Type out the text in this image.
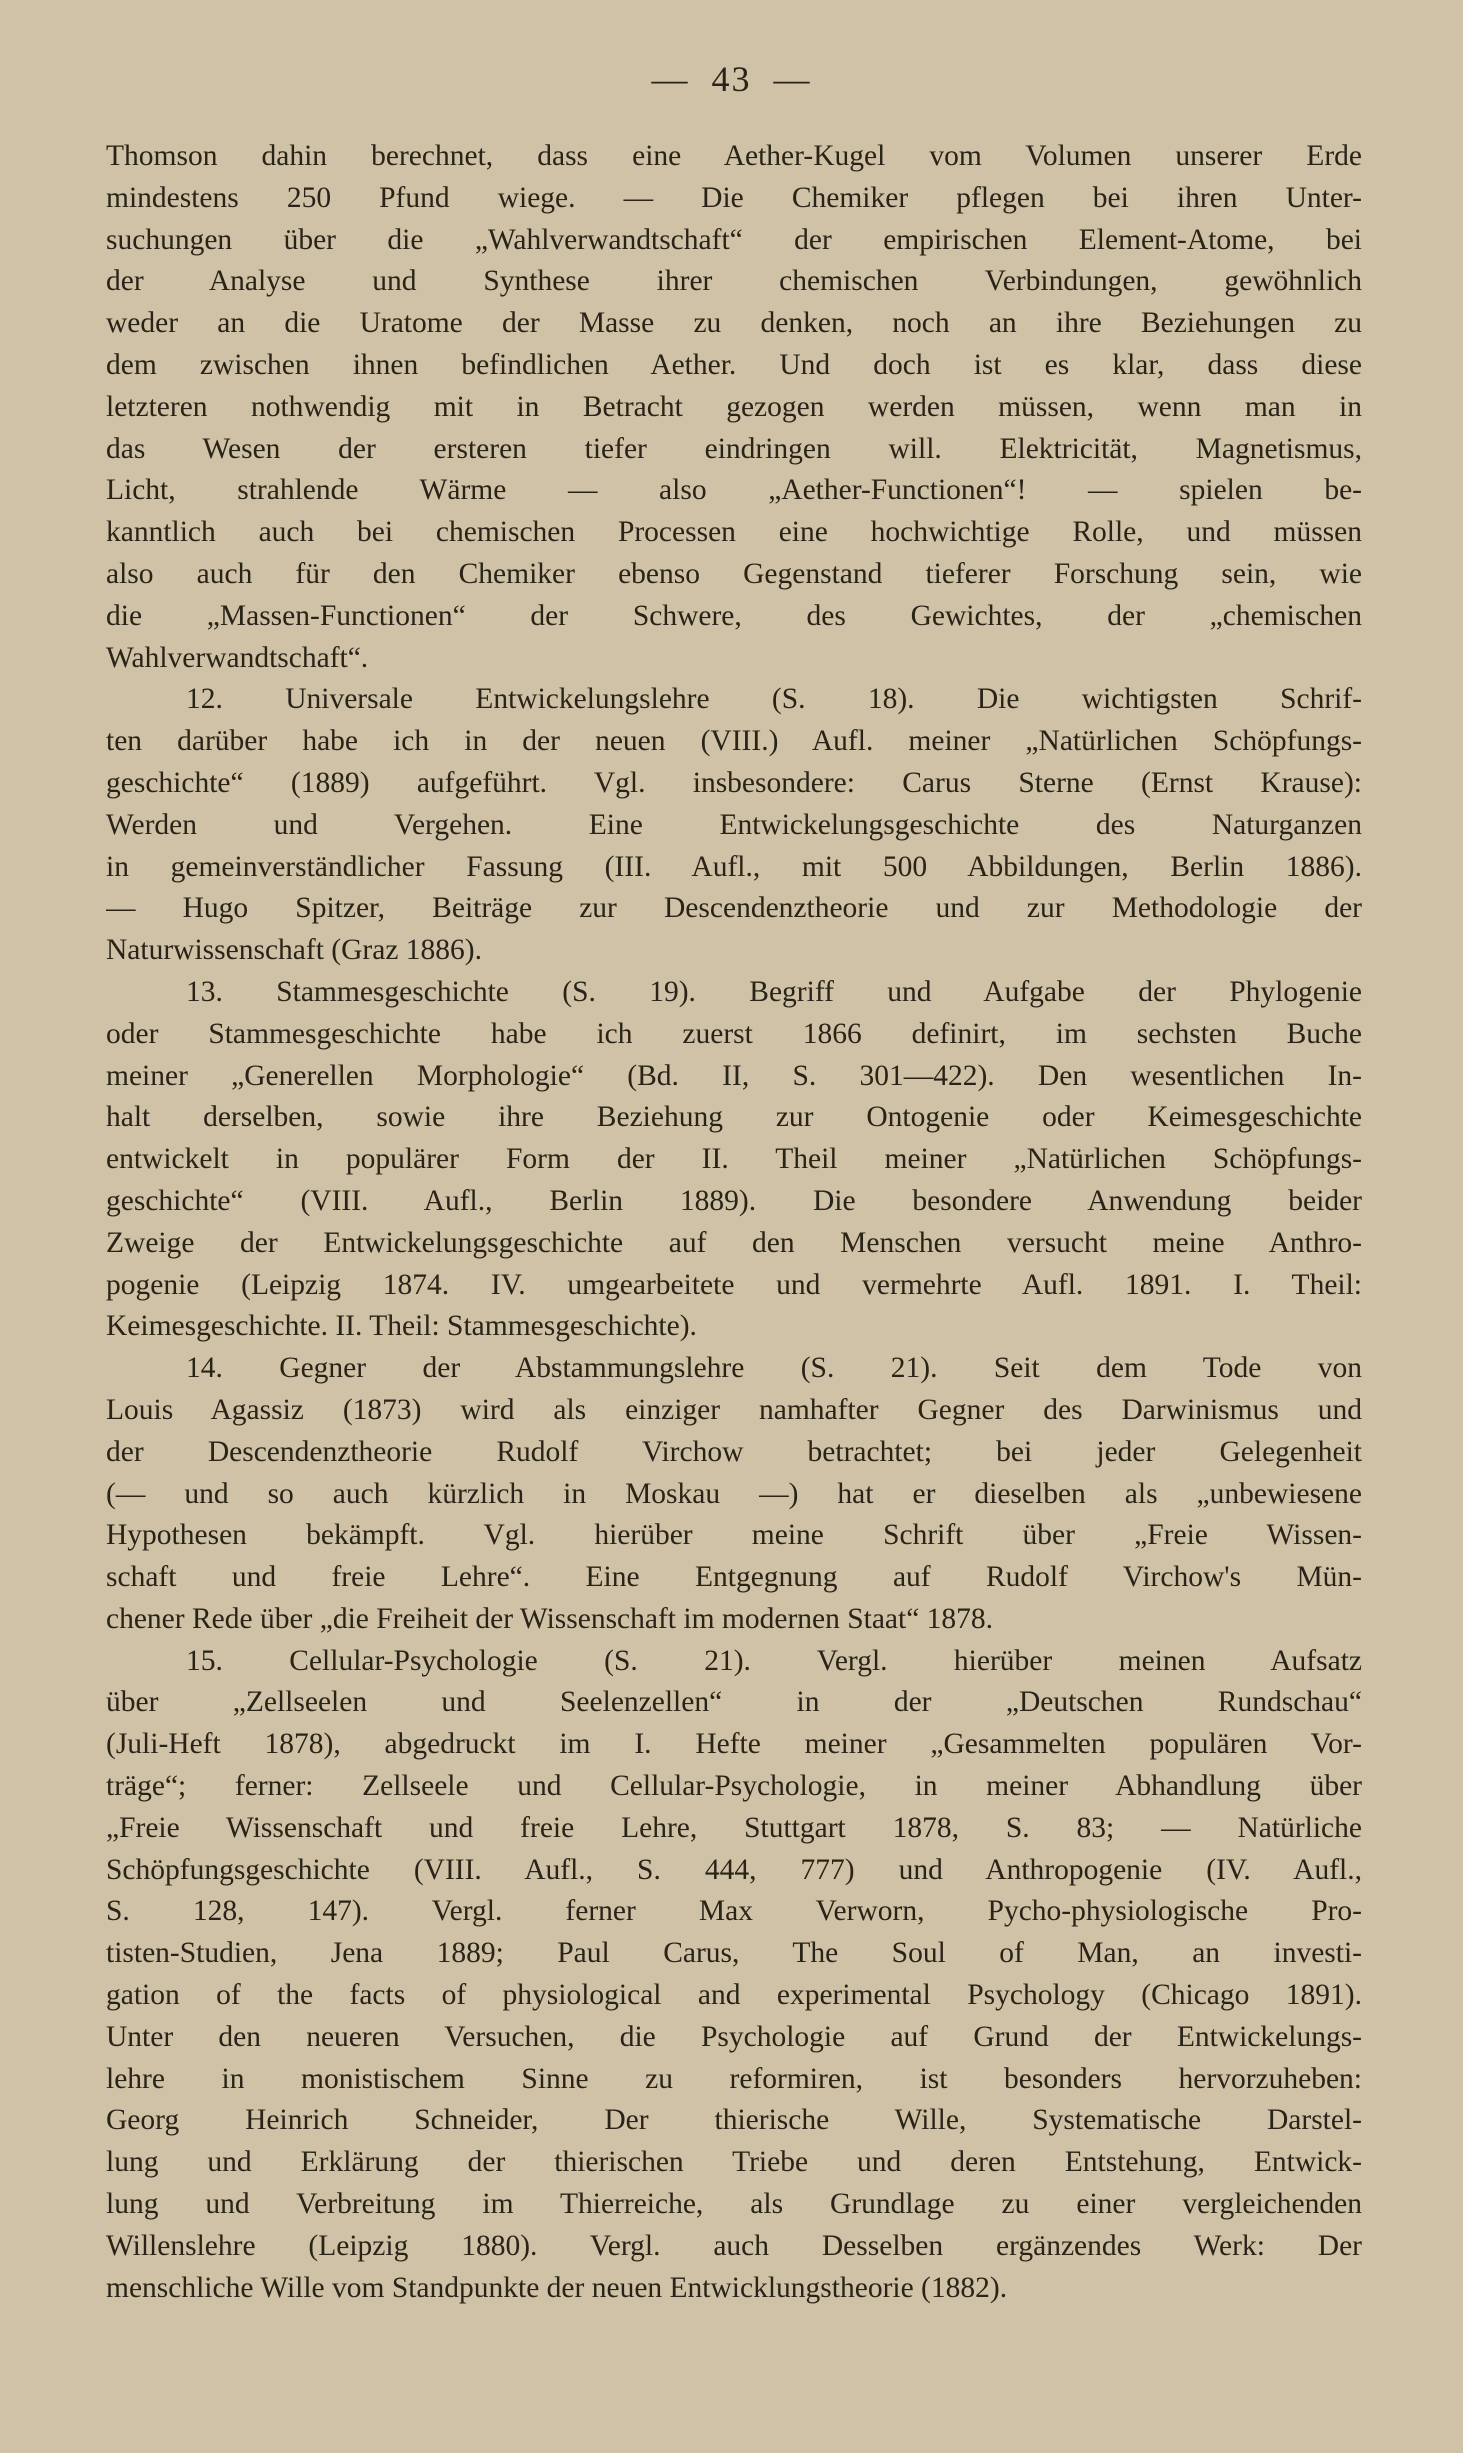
— 43 —
Thomson dahin berechnet, dass eine Aether-Kugel vom Volumen unserer Erde
mindestens 250 Pfund wiege. — Die Chemiker pflegen bei ihren Unter-
suchungen über die „Wahlverwandtschaft“ der empirischen Element-Atome, bei
der Analyse und Synthese ihrer chemischen Verbindungen, gewöhnlich
weder an die Uratome der Masse zu denken, noch an ihre Beziehungen zu
dem zwischen ihnen befindlichen Aether. Und doch ist es klar, dass diese
letzteren nothwendig mit in Betracht gezogen werden müssen, wenn man in
das Wesen der ersteren tiefer eindringen will. Elektricität, Magnetismus,
Licht, strahlende Wärme — also „Aether-Functionen“! — spielen be-
kanntlich auch bei chemischen Processen eine hochwichtige Rolle, und müssen
also auch für den Chemiker ebenso Gegenstand tieferer Forschung sein, wie
die „Massen-Functionen“ der Schwere, des Gewichtes, der „chemischen
Wahlverwandtschaft“.
12. Universale Entwickelungslehre (S. 18). Die wichtigsten Schrif-
ten darüber habe ich in der neuen (VIII.) Aufl. meiner „Natürlichen Schöpfungs-
geschichte“ (1889) aufgeführt. Vgl. insbesondere: Carus Sterne (Ernst Krause):
Werden und Vergehen. Eine Entwickelungsgeschichte des Naturganzen
in gemeinverständlicher Fassung (III. Aufl., mit 500 Abbildungen, Berlin 1886).
— Hugo Spitzer, Beiträge zur Descendenztheorie und zur Methodologie der
Naturwissenschaft (Graz 1886).
13. Stammesgeschichte (S. 19). Begriff und Aufgabe der Phylogenie
oder Stammesgeschichte habe ich zuerst 1866 definirt, im sechsten Buche
meiner „Generellen Morphologie“ (Bd. II, S. 301—422). Den wesentlichen In-
halt derselben, sowie ihre Beziehung zur Ontogenie oder Keimesgeschichte
entwickelt in populärer Form der II. Theil meiner „Natürlichen Schöpfungs-
geschichte“ (VIII. Aufl., Berlin 1889). Die besondere Anwendung beider
Zweige der Entwickelungsgeschichte auf den Menschen versucht meine Anthro-
pogenie (Leipzig 1874. IV. umgearbeitete und vermehrte Aufl. 1891. I. Theil:
Keimesgeschichte. II. Theil: Stammesgeschichte).
14. Gegner der Abstammungslehre (S. 21). Seit dem Tode von
Louis Agassiz (1873) wird als einziger namhafter Gegner des Darwinismus und
der Descendenztheorie Rudolf Virchow betrachtet; bei jeder Gelegenheit
(— und so auch kürzlich in Moskau —) hat er dieselben als „unbewiesene
Hypothesen bekämpft. Vgl. hierüber meine Schrift über „Freie Wissen-
schaft und freie Lehre“. Eine Entgegnung auf Rudolf Virchow's Mün-
chener Rede über „die Freiheit der Wissenschaft im modernen Staat“ 1878.
15. Cellular-Psychologie (S. 21). Vergl. hierüber meinen Aufsatz
über „Zellseelen und Seelenzellen“ in der „Deutschen Rundschau“
(Juli-Heft 1878), abgedruckt im I. Hefte meiner „Gesammelten populären Vor-
träge“; ferner: Zellseele und Cellular-Psychologie, in meiner Abhandlung über
„Freie Wissenschaft und freie Lehre, Stuttgart 1878, S. 83; — Natürliche
Schöpfungsgeschichte (VIII. Aufl., S. 444, 777) und Anthropogenie (IV. Aufl.,
S. 128, 147). Vergl. ferner Max Verworn, Pycho-physiologische Pro-
tisten-Studien, Jena 1889; Paul Carus, The Soul of Man, an investi-
gation of the facts of physiological and experimental Psychology (Chicago 1891).
Unter den neueren Versuchen, die Psychologie auf Grund der Entwickelungs-
lehre in monistischem Sinne zu reformiren, ist besonders hervorzuheben:
Georg Heinrich Schneider, Der thierische Wille, Systematische Darstel-
lung und Erklärung der thierischen Triebe und deren Entstehung, Entwick-
lung und Verbreitung im Thierreiche, als Grundlage zu einer vergleichenden
Willenslehre (Leipzig 1880). Vergl. auch Desselben ergänzendes Werk: Der
menschliche Wille vom Standpunkte der neuen Entwicklungstheorie (1882).
